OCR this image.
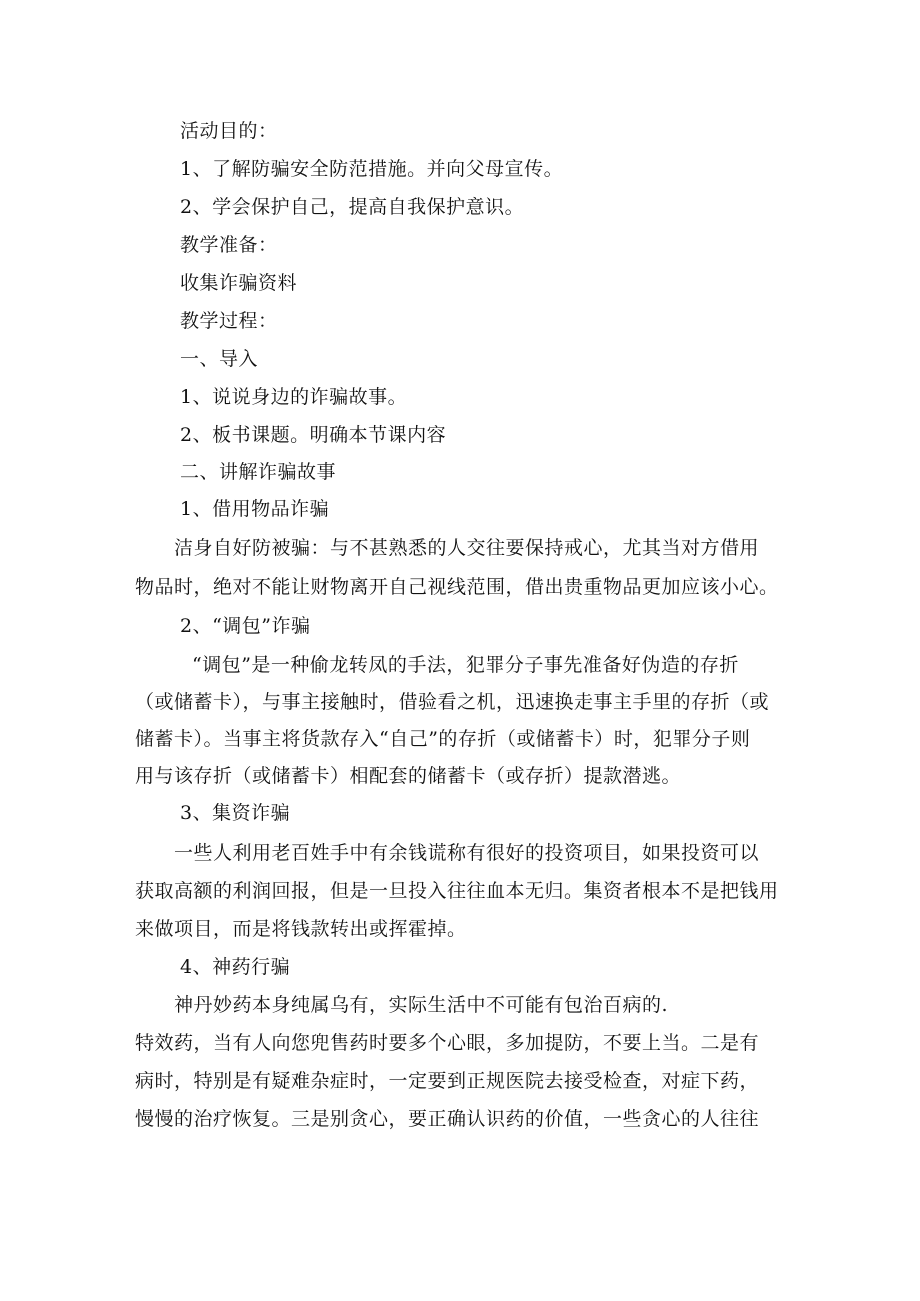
活动目的：
1、了解防骗安全防范措施。并向父母宣传。
2、学会保护自己，提高自我保护意识。
教学准备：
收集诈骗资料
教学过程：
一、导入
1、说说身边的诈骗故事。
2、板书课题。明确本节课内容
二、讲解诈骗故事
1、借用物品诈骗
洁身自好防被骗：与不甚熟悉的人交往要保持戒心，尤其当对方借用
物品时，绝对不能让财物离开自己视线范围，借出贵重物品更加应该小心。
2、“调包”诈骗
“调包”是一种偷龙转凤的手法，犯罪分子事先准备好伪造的存折
（或储蓄卡），与事主接触时，借验看之机，迅速换走事主手里的存折（或
储蓄卡）。当事主将货款存入“自己”的存折（或储蓄卡）时，犯罪分子则
用与该存折（或储蓄卡）相配套的储蓄卡（或存折）提款潜逃。
3、集资诈骗
一些人利用老百姓手中有余钱谎称有很好的投资项目，如果投资可以
获取高额的利润回报，但是一旦投入往往血本无归。集资者根本不是把钱用
来做项目，而是将钱款转出或挥霍掉。
4、神药行骗
神丹妙药本身纯属乌有，实际生活中不可能有包治百病的.
特效药，当有人向您兜售药时要多个心眼，多加提防，不要上当。二是有
病时，特别是有疑难杂症时，一定要到正规医院去接受检查，对症下药，
慢慢的治疗恢复。三是别贪心，要正确认识药的价值，一些贪心的人往往
